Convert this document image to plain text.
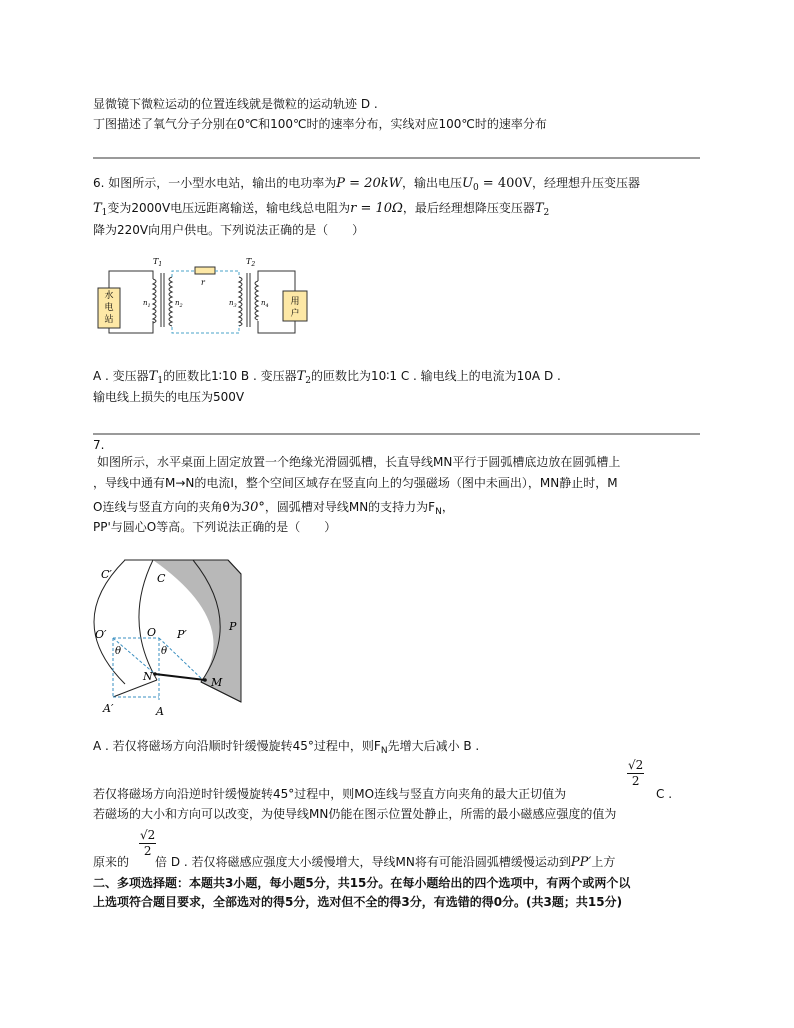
显微镜下微粒运动的位置连线就是微粒的运动轨迹 D .
丁图描述了氧气分子分别在0℃和100℃时的速率分布，实线对应100℃时的速率分布
6. 如图所示，一小型水电站，输出的电功率为P = 20kW，输出电压$U_0 = 400V$，经理想升压变压器
$T_1$变为2000V电压远距离输送，输电线总电阻为r = 10Ω，最后经理想降压变压器$T_2$
降为220V向用户供电。下列说法正确的是（　　）
水
电
站
$T_1$
$n_1$	$n_2$
r
$T_2$
$n_3$	$n_4$ 用
户
A . 变压器$T_1$的匝数比1∶10 B . 变压器$T_2$的匝数比为10∶1 C . 输电线上的电流为10A D .
输电线上损失的电压为500V
7.
如图所示，水平桌面上固定放置一个绝缘光滑圆弧槽，长直导线MN平行于圆弧槽底边放在圆弧槽上
，导线中通有M→N的电流I，整个空间区域存在竖直向上的匀强磁场（图中未画出），MN静止时，M
O连线与竖直方向的夹角θ为30°，圆弧槽对导线MN的支持力为$F_N$，
PP'与圆心O等高。下列说法正确的是（　　）
C′	C
O′	O P′
P
θ	θ
N	M
A′	A
A . 若仅将磁场方向沿顺时针缓慢旋转45°过程中，则$F_N$先增大后减小 B .
$\frac{√2}{2}$
若仅将磁场方向沿逆时针缓慢旋转45°过程中，则MO连线与竖直方向夹角的最大正切值为	C .
若磁场的大小和方向可以改变，为使导线MN仍能在图示位置处静止，所需的最小磁感应强度的值为
$\frac{√2}{2}$
原来的 倍 D . 若仅将磁感应强度大小缓慢增大，导线MN将有可能沿圆弧槽缓慢运动到PP′上方
二、多项选择题：本题共3小题，每小题5分，共15分。在每小题给出的四个选项中，有两个或两个以
上选项符合题目要求，全部选对的得5分，选对但不全的得3分，有选错的得0分。(共3题；共15分)
